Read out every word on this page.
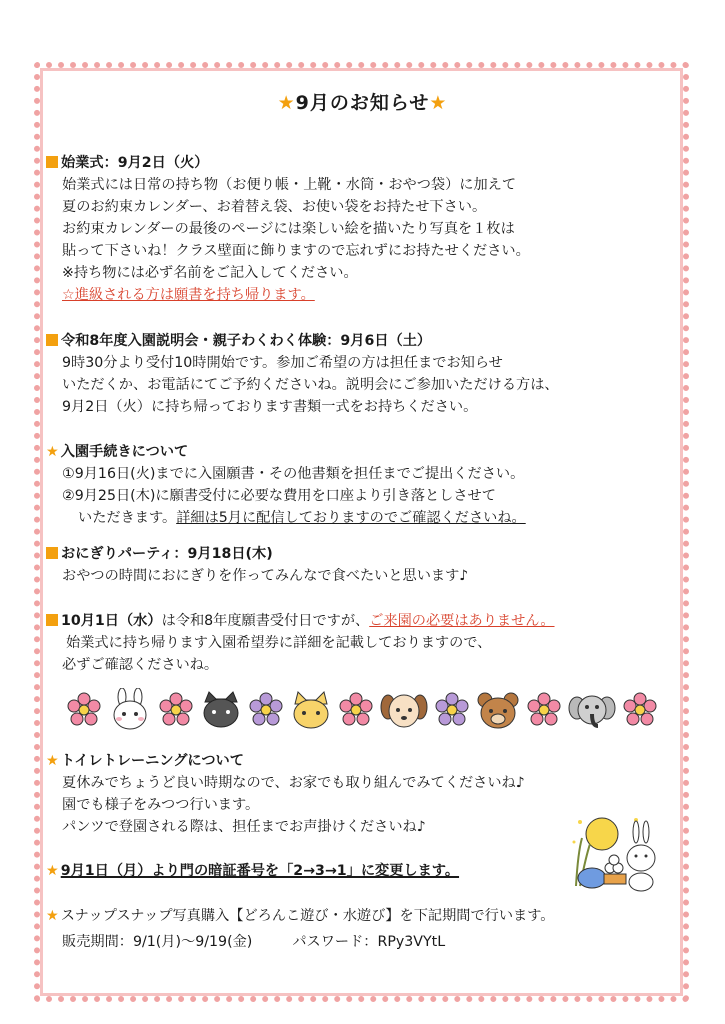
★9月のお知らせ★
始業式：9月2日（火）
始業式には日常の持ち物（お便り帳・上靴・水筒・おやつ袋）に加えて
夏のお約束カレンダー、お着替え袋、お使い袋をお持たせ下さい。
お約束カレンダーの最後のページには楽しい絵を描いたり写真を１枚は
貼って下さいね！クラス壁面に飾りますので忘れずにお持たせください。
※持ち物には必ず名前をご記入してください。
☆進級される方は願書を持ち帰ります。
令和8年度入園説明会・親子わくわく体験：9月6日（土）
9時30分より受付10時開始です。参加ご希望の方は担任までお知らせ
いただくか、お電話にてご予約くださいね。説明会にご参加いただける方は、
9月2日（火）に持ち帰っております書類一式をお持ちください。
★ 入園手続きについて
①9月16日(火)までに入園願書・その他書類を担任までご提出ください。
②9月25日(木)に願書受付に必要な費用を口座より引き落としさせて
いただきます。詳細は5月に配信しておりますのでご確認くださいね。
おにぎりパーティ：9月18日(木)
おやつの時間におにぎりを作ってみんなで食べたいと思います♪
10月1日（水）は令和8年度願書受付日ですが、ご来園の必要はありません。
始業式に持ち帰ります入園希望券に詳細を記載しておりますので、
必ずご確認くださいね。
★ トイレトレーニングについて
夏休みでちょうど良い時期なので、お家でも取り組んでみてくださいね♪
園でも様子をみつつ行います。
パンツで登園される際は、担任までお声掛けくださいね♪
★ 9月1日（月）より門の暗証番号を「2→3→1」に変更します。
★ スナップスナップ写真購入【どろんこ遊び・水遊び】を下記期間で行います。
販売期間：9/1(月)〜9/19(金)	パスワード：RPy3VYtL
